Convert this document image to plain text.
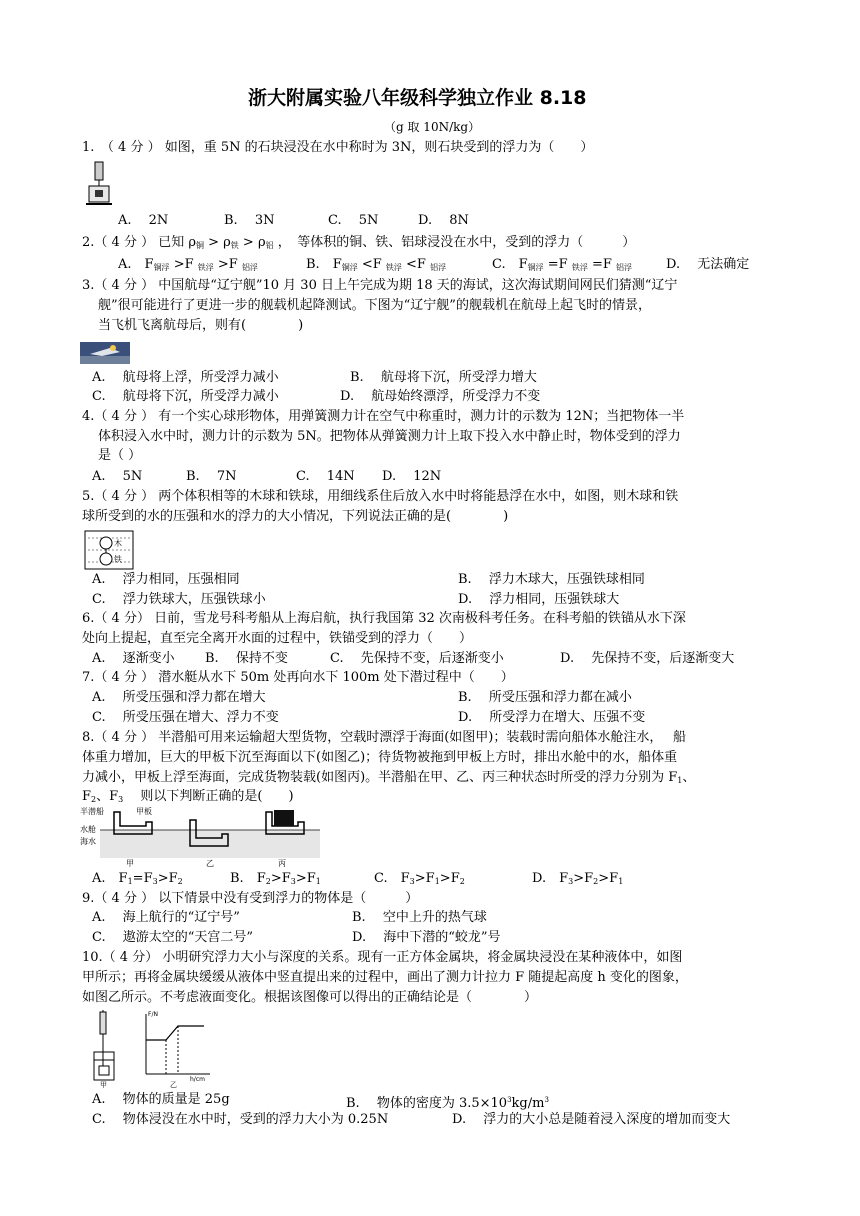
浙大附属实验八年级科学独立作业 8.18
（g 取 10N/kg）
1.　（ 4 分 ） 如图，重 5N 的石块浸没在水中称时为 3N，则石块受到的浮力为（　　）
A.　 2N	B.　 3N	C.　 5N	D.　 8N
2.（ 4 分 ） 已知 $\rho_铜 > \rho_铁 > \rho_铝$ ，　等体积的铜、铁、铝球浸没在水中，受到的浮力（　　　）
A.　$F_{铜浮} >F$ $_{铁浮}$ >F $_{铝浮}$	B.　$F_{铜浮} <F$ $_{铁浮}$ <F $_{铝浮}$	C.　$F_{铜浮} =F$ $_{铁浮}$ =F $_{铝浮}$	D.　 无法确定
3.（ 4 分 ） 中国航母“辽宁舰”10 月 30 日上午完成为期 18 天的海试，这次海试期间网民们猜测“辽宁
舰”很可能进行了更进一步的舰载机起降测试。下图为“辽宁舰”的舰载机在航母上起飞时的情景，
当飞机飞离航母后，则有(　　　　)
A.　 航母将上浮，所受浮力减小	B.　 航母将下沉，所受浮力增大
C.　 航母将下沉，所受浮力减小	D.　 航母始终漂浮，所受浮力不变
4.（ 4 分 ） 有一个实心球形物体，用弹簧测力计在空气中称重时，测力计的示数为 12N；当把物体一半
体积浸入水中时，测力计的示数为 5N。把物体从弹簧测力计上取下投入水中静止时，物体受到的浮力
是（ ）
A.　 5N	B.　 7N	C.　 14N D.　 12N
5.（ 4 分 ） 两个体积相等的木球和铁球，用细线系住后放入水中时将能悬浮在水中，如图，则木球和铁
球所受到的水的压强和水的浮力的大小情况，下列说法正确的是(　　　　)
木
铁
A.　 浮力相同，压强相同	B.　 浮力木球大，压强铁球相同
C.　 浮力铁球大，压强铁球小	D.　 浮力相同，压强铁球大
6.（ 4 分） 日前，雪龙号科考船从上海启航，执行我国第 32 次南极科考任务。在科考船的铁锚从水下深
处向上提起，直至完全离开水面的过程中，铁锚受到的浮力（　　）
A.　 逐渐变小 B.　 保持不变	C.　 先保持不变，后逐渐变小	D.　 先保持不变，后逐渐变大
7.（ 4 分 ） 潜水艇从水下 50m 处再向水下 100m 处下潜过程中（　　）
A.　 所受压强和浮力都在增大	B.　 所受压强和浮力都在减小
C.　 所受压强在增大、浮力不变	D.　 所受浮力在增大、压强不变
8.（ 4 分 ） 半潜船可用来运输超大型货物，空载时漂浮于海面(如图甲)；装载时需向船体水舱注水，　 船
体重力增加，巨大的甲板下沉至海面以下(如图乙)；待货物被拖到甲板上方时，排出水舱中的水，船体重
力减小，甲板上浮至海面，完成货物装载(如图丙)。半潜船在甲、乙、丙三种状态时所受的浮力分别为 $F_1$、
$F_2$、$F_3$　 则以下判断正确的是(　　)
半潜船	甲板
水舱
海水
甲	乙	丙
A.　$F_1=F_3>F_2$	B.　$F_2>F_3>F_1$	C.　$F_3>F_1>F_2$	D.　$F_3>F_2>F_1$
9.（ 4 分 ） 以下情景中没有受到浮力的物体是（　　　）
A.　 海上航行的“辽宁号”	B.　 空中上升的热气球
C.　 遨游太空的“天宫二号”	D.　 海中下潜的“蛟龙”号
10.（ 4 分） 小明研究浮力大小与深度的关系。现有一正方体金属块，将金属块浸没在某种液体中，如图
甲所示；再将金属块缓缓从液体中竖直提出来的过程中，画出了测力计拉力 F 随提起高度 h 变化的图象，
如图乙所示。不考虑液面变化。根据该图像可以得出的正确结论是（　　　　）
甲
F/N
h/cm
乙
A.　 物体的质量是 25g	B.　 物体的密度为 $3.5\times 10^3kg/m^3$
C.　 物体浸没在水中时，受到的浮力大小为 0.25N	D.　 浮力的大小总是随着浸入深度的增加而变大
